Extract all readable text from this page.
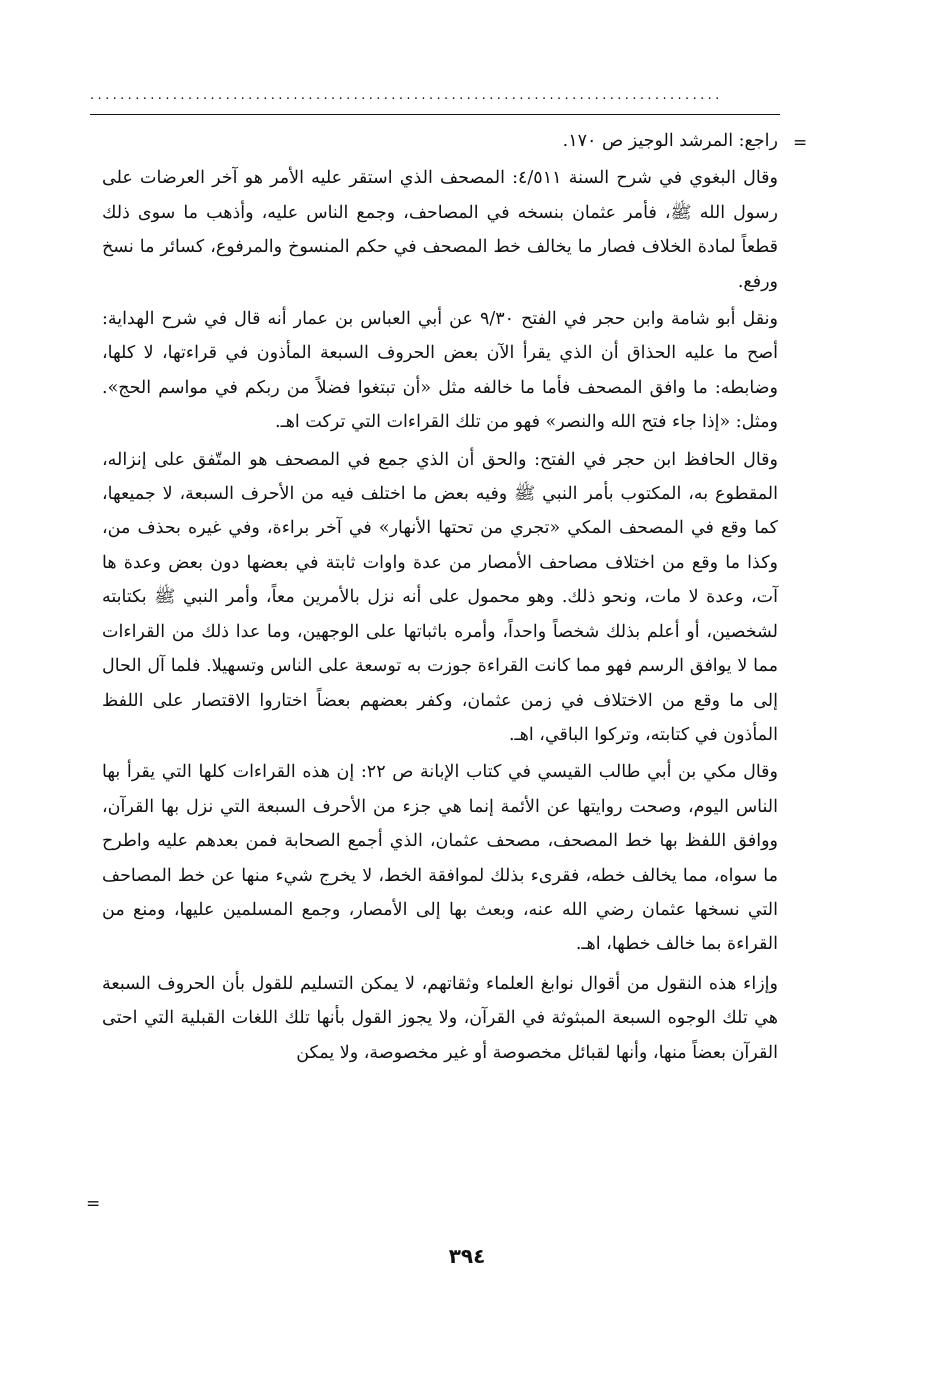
....................................................................................
=

راجع: المرشد الوجيز ص ١٧٠.

وقال البغوي في شرح السنة ٤/٥١١: المصحف الذي استقر عليه الأمر هو آخر العرضات على رسول الله ﷺ، فأمر عثمان بنسخه في المصاحف، وجمع الناس عليه، وأذهب ما سوى ذلك قطعاً لمادة الخلاف فصار ما يخالف خط المصحف في حكم المنسوخ والمرفوع، كسائر ما نسخ ورفع.

ونقل أبو شامة وابن حجر في الفتح ٩/٣٠ عن أبي العباس بن عمار أنه قال في شرح الهداية: أصح ما عليه الحذاق أن الذي يقرأ الآن بعض الحروف السبعة المأذون في قراءتها، لا كلها، وضابطه: ما وافق المصحف فأما ما خالفه مثل «أن تبتغوا فضلاً من ربكم في مواسم الحج». ومثل: «إذا جاء فتح الله والنصر» فهو من تلك القراءات التي تركت اهـ.

وقال الحافظ ابن حجر في الفتح: والحق أن الذي جمع في المصحف هو المتّفق على إنزاله، المقطوع به، المكتوب بأمر النبي ﷺ وفيه بعض ما اختلف فيه من الأحرف السبعة، لا جميعها، كما وقع في المصحف المكي «تجري من تحتها الأنهار» في آخر براءة، وفي غيره بحذف من، وكذا ما وقع من اختلاف مصاحف الأمصار من عدة واوات ثابتة في بعضها دون بعض وعدة ها آت، وعدة لا مات، ونحو ذلك. وهو محمول على أنه نزل بالأمرين معاً، وأمر النبي ﷺ بكتابته لشخصين، أو أعلم بذلك شخصاً واحداً، وأمره باثباتها على الوجهين، وما عدا ذلك من القراءات مما لا يوافق الرسم فهو مما كانت القراءة جوزت به توسعة على الناس وتسهيلا. فلما آل الحال إلى ما وقع من الاختلاف في زمن عثمان، وكفر بعضهم بعضاً اختاروا الاقتصار على اللفظ المأذون في كتابته، وتركوا الباقي، اهـ.

وقال مكي بن أبي طالب القيسي في كتاب الإبانة ص ٢٢: إن هذه القراءات كلها التي يقرأ بها الناس اليوم، وصحت روايتها عن الأئمة إنما هي جزء من الأحرف السبعة التي نزل بها القرآن، ووافق اللفظ بها خط المصحف، مصحف عثمان، الذي أجمع الصحابة فمن بعدهم عليه واطرح ما سواه، مما يخالف خطه، فقرىء بذلك لموافقة الخط، لا يخرج شيء منها عن خط المصاحف التي نسخها عثمان رضي الله عنه، وبعث بها إلى الأمصار، وجمع المسلمين عليها، ومنع من القراءة بما خالف خطها، اهـ.

وإزاء هذه النقول من أقوال نوابغ العلماء وثقاتهم، لا يمكن التسليم للقول بأن الحروف السبعة هي تلك الوجوه السبعة المبثوثة في القرآن، ولا يجوز القول بأنها تلك اللغات القبلية التي احتى القرآن بعضاً منها، وأنها لقبائل مخصوصة أو غير مخصوصة، ولا يمكن

=
٣٩٤
